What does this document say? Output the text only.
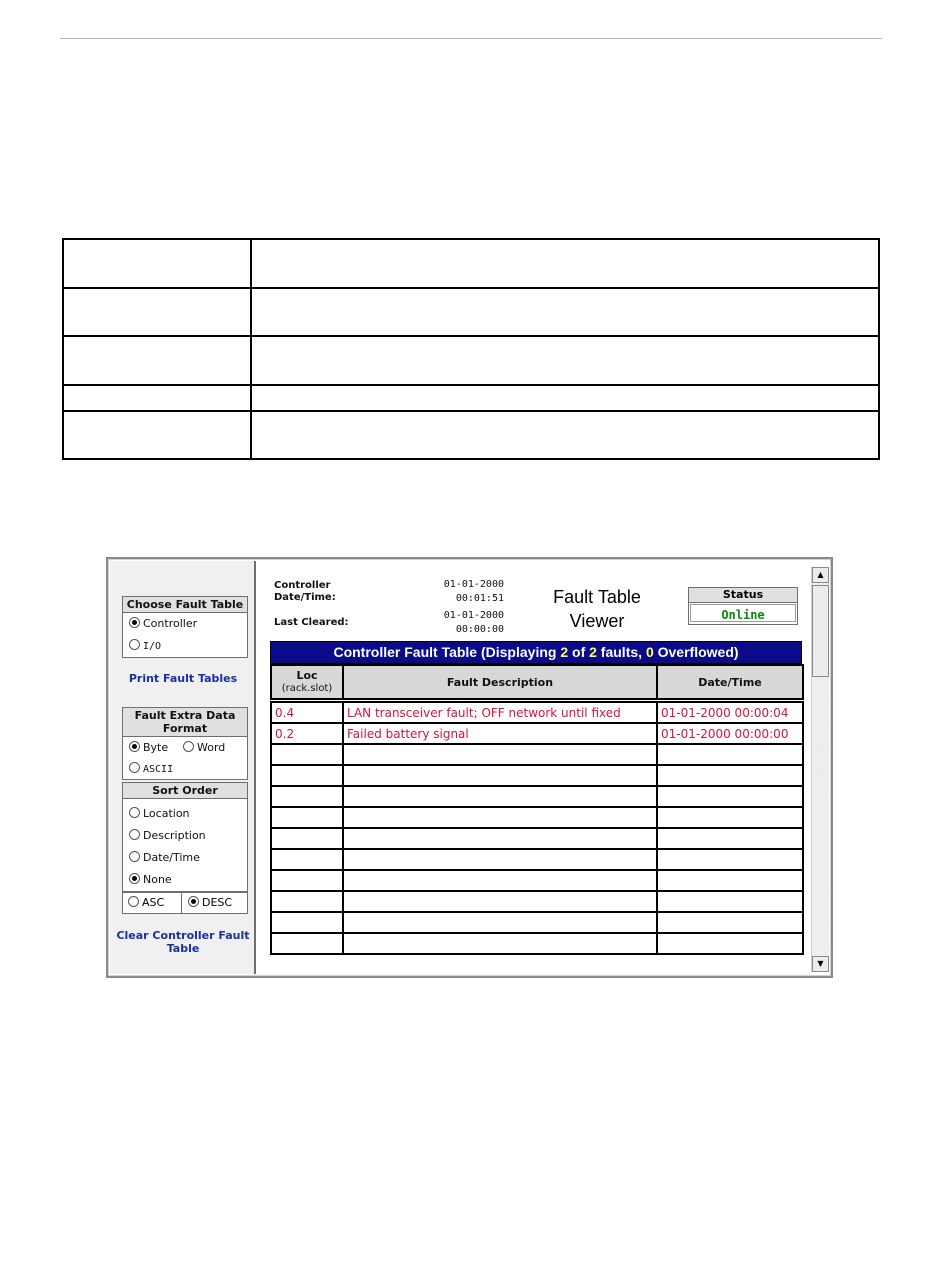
Choose Fault Table
Controller
I/O
Print Fault Tables
Fault Extra Data Format
Byte	Word
ASCII
Sort Order
Location
Description
Date/Time
None
ASC	DESC
Clear Controller Fault Table
Controller Date/Time:
01-01-2000 00:01:51
Last Cleared:
01-01-2000 00:00:00
Fault Table
Viewer
Status
Online
Controller Fault Table (Displaying 2 of 2 faults, 0 Overflowed)
Loc
(rack.slot)	Fault Description	Date/Time

0.4	LAN transceiver fault; OFF network until fixed	01-01-2000 00:00:04
0.2	Failed battery signal	01-01-2000 00:00:00

▲
▼
